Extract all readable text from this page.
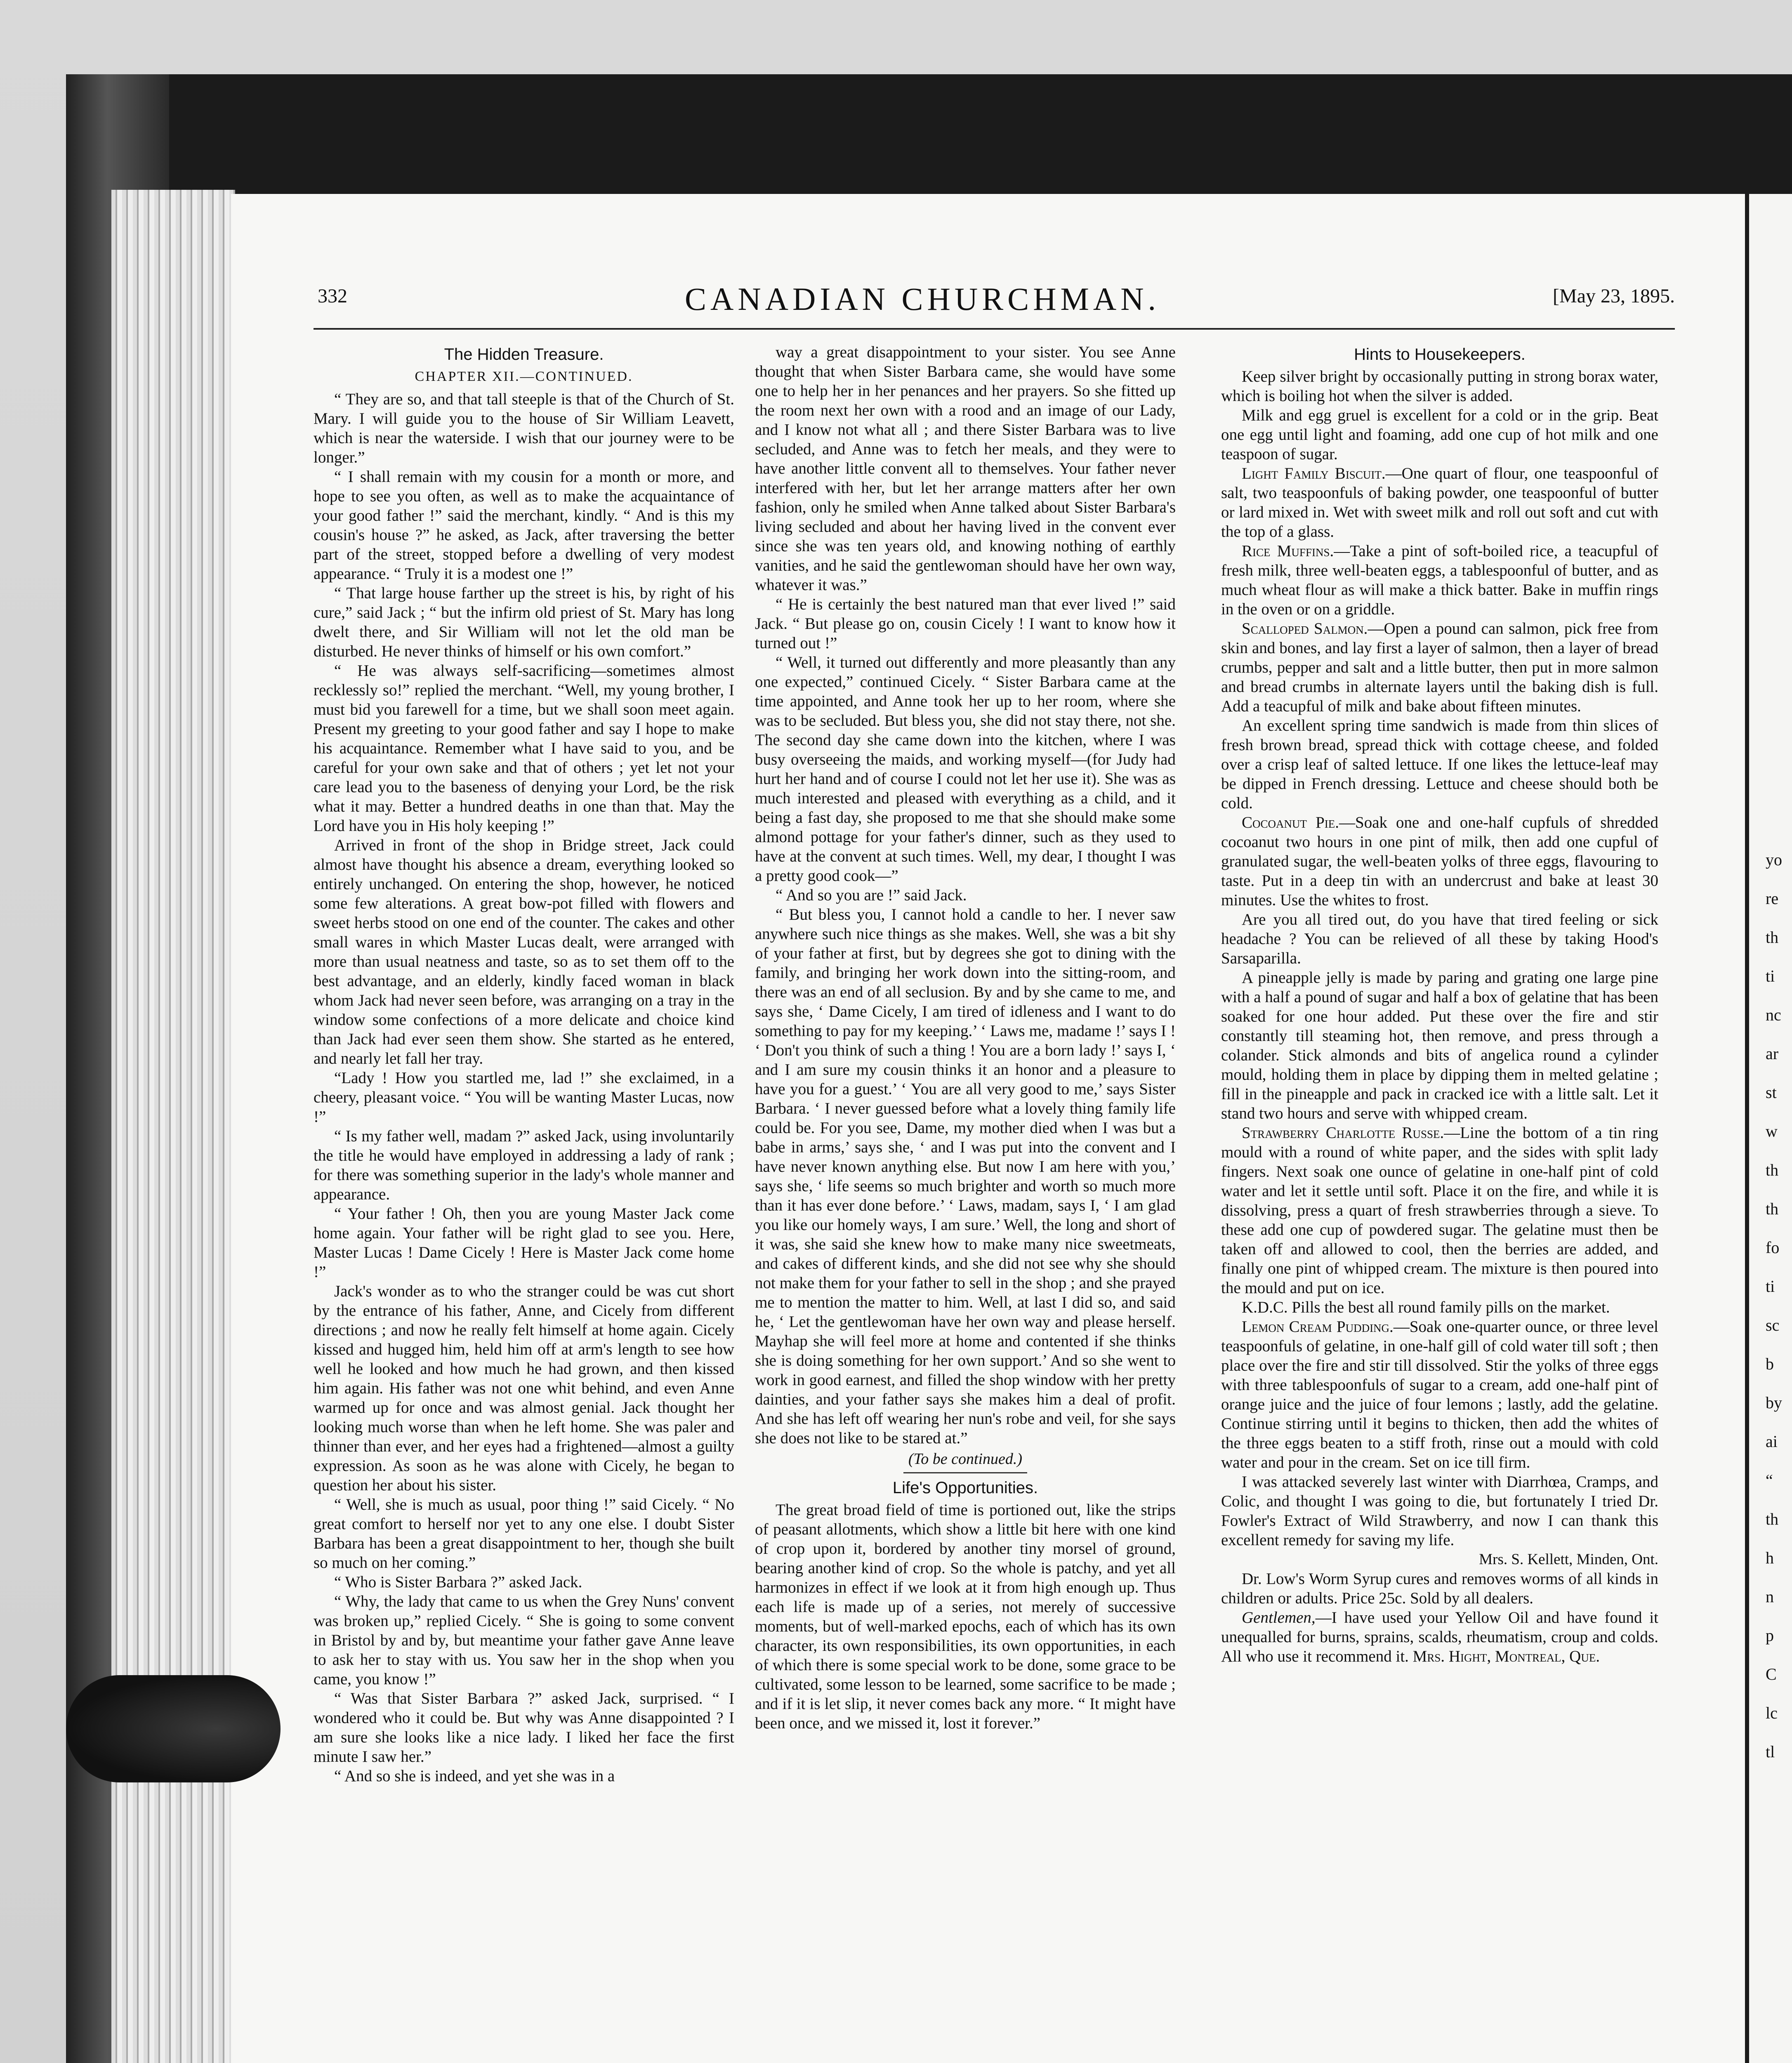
332	CANADIAN CHURCHMAN.	[May 23, 1895.
The Hidden Treasure.
CHAPTER XII.—CONTINUED.

“ They are so, and that tall steeple is that of the Church of St. Mary. I will guide you to the house of Sir William Leavett, which is near the waterside. I wish that our journey were to be longer.”

“ I shall remain with my cousin for a month or more, and hope to see you often, as well as to make the acquaintance of your good father !” said the merchant, kindly. “ And is this my cousin's house ?” he asked, as Jack, after traversing the better part of the street, stopped before a dwelling of very modest appearance. “ Truly it is a modest one !”

“ That large house farther up the street is his, by right of his cure,” said Jack ; “ but the infirm old priest of St. Mary has long dwelt there, and Sir William will not let the old man be disturbed. He never thinks of himself or his own comfort.”

“ He was always self-sacrificing—sometimes almost recklessly so!” replied the merchant. “Well, my young brother, I must bid you farewell for a time, but we shall soon meet again. Present my greeting to your good father and say I hope to make his acquaintance. Remember what I have said to you, and be careful for your own sake and that of others ; yet let not your care lead you to the baseness of denying your Lord, be the risk what it may. Better a hundred deaths in one than that. May the Lord have you in His holy keeping !”

Arrived in front of the shop in Bridge street, Jack could almost have thought his absence a dream, everything looked so entirely unchanged. On entering the shop, however, he noticed some few alterations. A great bow-pot filled with flowers and sweet herbs stood on one end of the counter. The cakes and other small wares in which Master Lucas dealt, were arranged with more than usual neatness and taste, so as to set them off to the best advantage, and an elderly, kindly faced woman in black whom Jack had never seen before, was arranging on a tray in the window some confections of a more delicate and choice kind than Jack had ever seen them show. She started as he entered, and nearly let fall her tray.

“Lady ! How you startled me, lad !” she exclaimed, in a cheery, pleasant voice. “ You will be wanting Master Lucas, now !”

“ Is my father well, madam ?” asked Jack, using involuntarily the title he would have employed in addressing a lady of rank ; for there was something superior in the lady's whole manner and appearance.

“ Your father ! Oh, then you are young Master Jack come home again. Your father will be right glad to see you. Here, Master Lucas ! Dame Cicely ! Here is Master Jack come home !”

Jack's wonder as to who the stranger could be was cut short by the entrance of his father, Anne, and Cicely from different directions ; and now he really felt himself at home again. Cicely kissed and hugged him, held him off at arm's length to see how well he looked and how much he had grown, and then kissed him again. His father was not one whit behind, and even Anne warmed up for once and was almost genial. Jack thought her looking much worse than when he left home. She was paler and thinner than ever, and her eyes had a frightened—almost a guilty expression. As soon as he was alone with Cicely, he began to question her about his sister.

“ Well, she is much as usual, poor thing !” said Cicely. “ No great comfort to herself nor yet to any one else. I doubt Sister Barbara has been a great disappointment to her, though she built so much on her coming.”

“ Who is Sister Barbara ?” asked Jack.

“ Why, the lady that came to us when the Grey Nuns' convent was broken up,” replied Cicely. “ She is going to some convent in Bristol by and by, but meantime your father gave Anne leave to ask her to stay with us. You saw her in the shop when you came, you know !”

“ Was that Sister Barbara ?” asked Jack, surprised. “ I wondered who it could be. But why was Anne disappointed ? I am sure she looks like a nice lady. I liked her face the first minute I saw her.”

“ And so she is indeed, and yet she was in a

way a great disappointment to your sister. You see Anne thought that when Sister Barbara came, she would have some one to help her in her penances and her prayers. So she fitted up the room next her own with a rood and an image of our Lady, and I know not what all ; and there Sister Barbara was to live secluded, and Anne was to fetch her meals, and they were to have another little convent all to themselves. Your father never interfered with her, but let her arrange matters after her own fashion, only he smiled when Anne talked about Sister Barbara's living secluded and about her having lived in the convent ever since she was ten years old, and knowing nothing of earthly vanities, and he said the gentlewoman should have her own way, whatever it was.”

“ He is certainly the best natured man that ever lived !” said Jack. “ But please go on, cousin Cicely ! I want to know how it turned out !”

“ Well, it turned out differently and more pleasantly than any one expected,” continued Cicely. “ Sister Barbara came at the time appointed, and Anne took her up to her room, where she was to be secluded. But bless you, she did not stay there, not she. The second day she came down into the kitchen, where I was busy overseeing the maids, and working myself—(for Judy had hurt her hand and of course I could not let her use it). She was as much interested and pleased with everything as a child, and it being a fast day, she proposed to me that she should make some almond pottage for your father's dinner, such as they used to have at the convent at such times. Well, my dear, I thought I was a pretty good cook—”

“ And so you are !” said Jack.

“ But bless you, I cannot hold a candle to her. I never saw anywhere such nice things as she makes. Well, she was a bit shy of your father at first, but by degrees she got to dining with the family, and bringing her work down into the sitting-room, and there was an end of all seclusion. By and by she came to me, and says she, ‘ Dame Cicely, I am tired of idleness and I want to do something to pay for my keeping.’ ‘ Laws me, madame !’ says I ! ‘ Don't you think of such a thing ! You are a born lady !’ says I, ‘ and I am sure my cousin thinks it an honor and a pleasure to have you for a guest.’ ‘ You are all very good to me,’ says Sister Barbara. ‘ I never guessed before what a lovely thing family life could be. For you see, Dame, my mother died when I was but a babe in arms,’ says she, ‘ and I was put into the convent and I have never known anything else. But now I am here with you,’ says she, ‘ life seems so much brighter and worth so much more than it has ever done before.’ ‘ Laws, madam, says I, ‘ I am glad you like our homely ways, I am sure.’ Well, the long and short of it was, she said she knew how to make many nice sweetmeats, and cakes of different kinds, and she did not see why she should not make them for your father to sell in the shop ; and she prayed me to mention the matter to him. Well, at last I did so, and said he, ‘ Let the gentlewoman have her own way and please herself. Mayhap she will feel more at home and contented if she thinks she is doing something for her own support.’ And so she went to work in good earnest, and filled the shop window with her pretty dainties, and your father says she makes him a deal of profit. And she has left off wearing her nun's robe and veil, for she says she does not like to be stared at.”

(To be continued.)
Life's Opportunities.

The great broad field of time is portioned out, like the strips of peasant allotments, which show a little bit here with one kind of crop upon it, bordered by another tiny morsel of ground, bearing another kind of crop. So the whole is patchy, and yet all harmonizes in effect if we look at it from high enough up. Thus each life is made up of a series, not merely of successive moments, but of well-marked epochs, each of which has its own character, its own responsibilities, its own opportunities, in each of which there is some special work to be done, some grace to be cultivated, some lesson to be learned, some sacrifice to be made ; and if it is let slip, it never comes back any more. “ It might have been once, and we missed it, lost it forever.”

Hints to Housekeepers.

Keep silver bright by occasionally putting in strong borax water, which is boiling hot when the silver is added.

Milk and egg gruel is excellent for a cold or in the grip. Beat one egg until light and foaming, add one cup of hot milk and one teaspoon of sugar.

Light Family Biscuit.—One quart of flour, one teaspoonful of salt, two teaspoonfuls of baking powder, one teaspoonful of butter or lard mixed in. Wet with sweet milk and roll out soft and cut with the top of a glass.

Rice Muffins.—Take a pint of soft-boiled rice, a teacupful of fresh milk, three well-beaten eggs, a tablespoonful of butter, and as much wheat flour as will make a thick batter. Bake in muffin rings in the oven or on a griddle.

Scalloped Salmon.—Open a pound can salmon, pick free from skin and bones, and lay first a layer of salmon, then a layer of bread crumbs, pepper and salt and a little butter, then put in more salmon and bread crumbs in alternate layers until the baking dish is full. Add a teacupful of milk and bake about fifteen minutes.

An excellent spring time sandwich is made from thin slices of fresh brown bread, spread thick with cottage cheese, and folded over a crisp leaf of salted lettuce. If one likes the lettuce-leaf may be dipped in French dressing. Lettuce and cheese should both be cold.

Cocoanut Pie.—Soak one and one-half cupfuls of shredded cocoanut two hours in one pint of milk, then add one cupful of granulated sugar, the well-beaten yolks of three eggs, flavouring to taste. Put in a deep tin with an undercrust and bake at least 30 minutes. Use the whites to frost.

Are you all tired out, do you have that tired feeling or sick headache ? You can be relieved of all these by taking Hood's Sarsaparilla.

A pineapple jelly is made by paring and grating one large pine with a half a pound of sugar and half a box of gelatine that has been soaked for one hour added. Put these over the fire and stir constantly till steaming hot, then remove, and press through a colander. Stick almonds and bits of angelica round a cylinder mould, holding them in place by dipping them in melted gelatine ; fill in the pineapple and pack in cracked ice with a little salt. Let it stand two hours and serve with whipped cream.

Strawberry Charlotte Russe.—Line the bottom of a tin ring mould with a round of white paper, and the sides with split lady fingers. Next soak one ounce of gelatine in one-half pint of cold water and let it settle until soft. Place it on the fire, and while it is dissolving, press a quart of fresh strawberries through a sieve. To these add one cup of powdered sugar. The gelatine must then be taken off and allowed to cool, then the berries are added, and finally one pint of whipped cream. The mixture is then poured into the mould and put on ice.

K.D.C. Pills the best all round family pills on the market.

Lemon Cream Pudding.—Soak one-quarter ounce, or three level teaspoonfuls of gelatine, in one-half gill of cold water till soft ; then place over the fire and stir till dissolved. Stir the yolks of three eggs with three tablespoonfuls of sugar to a cream, add one-half pint of orange juice and the juice of four lemons ; lastly, add the gelatine. Continue stirring until it begins to thicken, then add the whites of the three eggs beaten to a stiff froth, rinse out a mould with cold water and pour in the cream. Set on ice till firm.

I was attacked severely last winter with Diarrhœa, Cramps, and Colic, and thought I was going to die, but fortunately I tried Dr. Fowler's Extract of Wild Strawberry, and now I can thank this excellent remedy for saving my life.

Mrs. S. Kellett, Minden, Ont.

Dr. Low's Worm Syrup cures and removes worms of all kinds in children or adults. Price 25c. Sold by all dealers.

Gentlemen,—I have used your Yellow Oil and have found it unequalled for burns, sprains, scalds, rheumatism, croup and colds. All who use it recommend it. Mrs. Hight, Montreal, Que.

yo
re
th
ti
nc
ar
st
w
th
th
fo
ti
sc
b
by
ai
“
th
h
n
p
C
lc
tl
